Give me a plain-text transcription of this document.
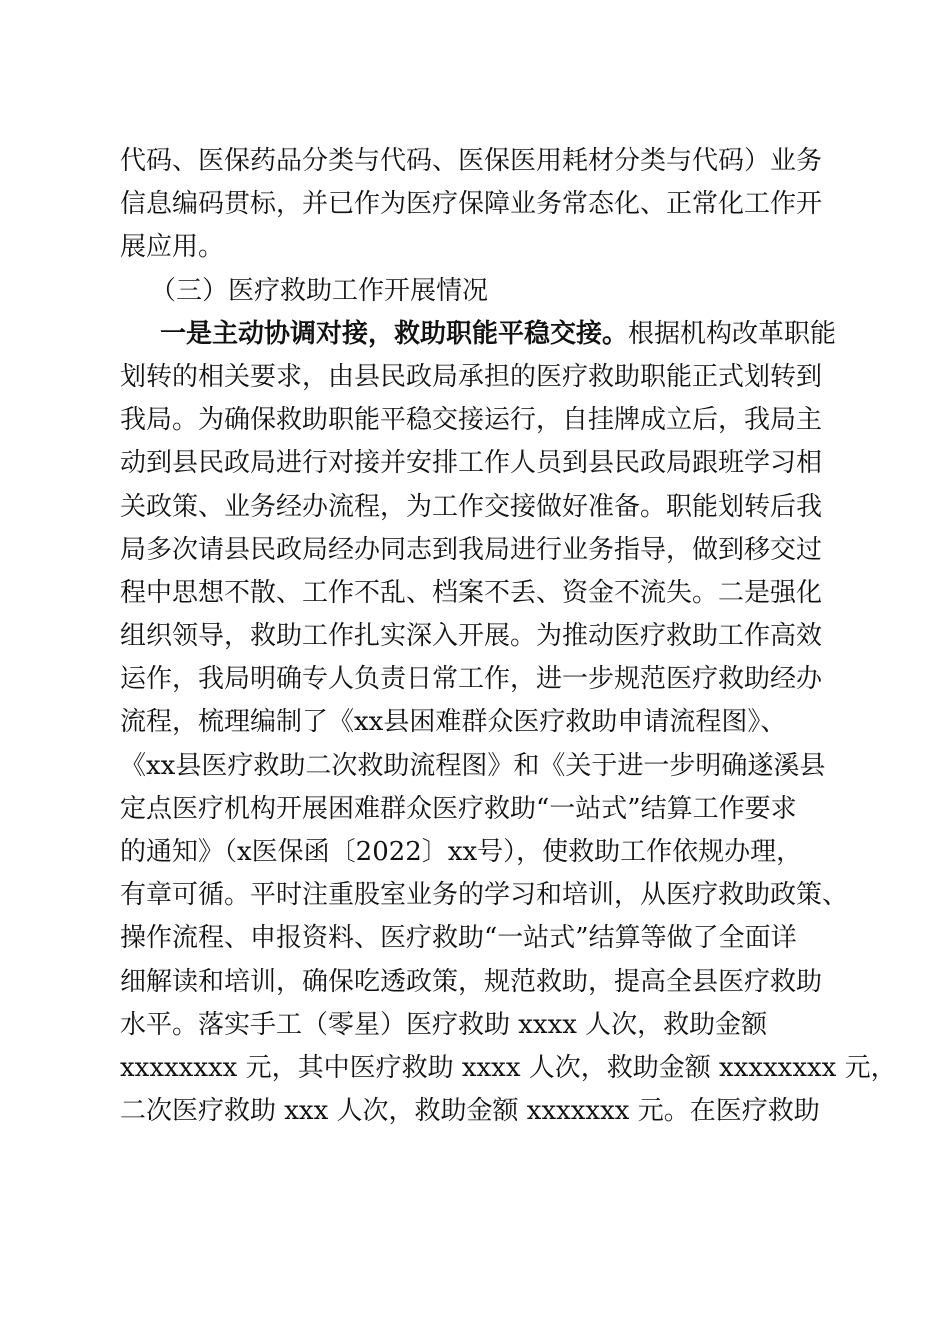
代码、医保药品分类与代码、医保医用耗材分类与代码）业务
信息编码贯标，并已作为医疗保障业务常态化、正常化工作开
展应用。
（三）医疗救助工作开展情况
一是主动协调对接，救助职能平稳交接。根据机构改革职能
划转的相关要求，由县民政局承担的医疗救助职能正式划转到
我局。为确保救助职能平稳交接运行，自挂牌成立后，我局主
动到县民政局进行对接并安排工作人员到县民政局跟班学习相
关政策、业务经办流程，为工作交接做好准备。职能划转后我
局多次请县民政局经办同志到我局进行业务指导，做到移交过
程中思想不散、工作不乱、档案不丢、资金不流失。二是强化
组织领导，救助工作扎实深入开展。为推动医疗救助工作高效
运作，我局明确专人负责日常工作，进一步规范医疗救助经办
流程，梳理编制了《xx县困难群众医疗救助申请流程图》、
《xx县医疗救助二次救助流程图》和《关于进一步明确遂溪县
定点医疗机构开展困难群众医疗救助“一站式”结算工作要求
的通知》（x医保函〔2022〕xx号），使救助工作依规办理，
有章可循。平时注重股室业务的学习和培训，从医疗救助政策、
操作流程、申报资料、医疗救助“一站式”结算等做了全面详
细解读和培训，确保吃透政策，规范救助，提高全县医疗救助
水平。落实手工（零星）医疗救助 xxxx 人次，救助金额
xxxxxxxx 元，其中医疗救助 xxxx 人次，救助金额 xxxxxxxx 元，
二次医疗救助 xxx 人次，救助金额 xxxxxxx 元。在医疗救助
